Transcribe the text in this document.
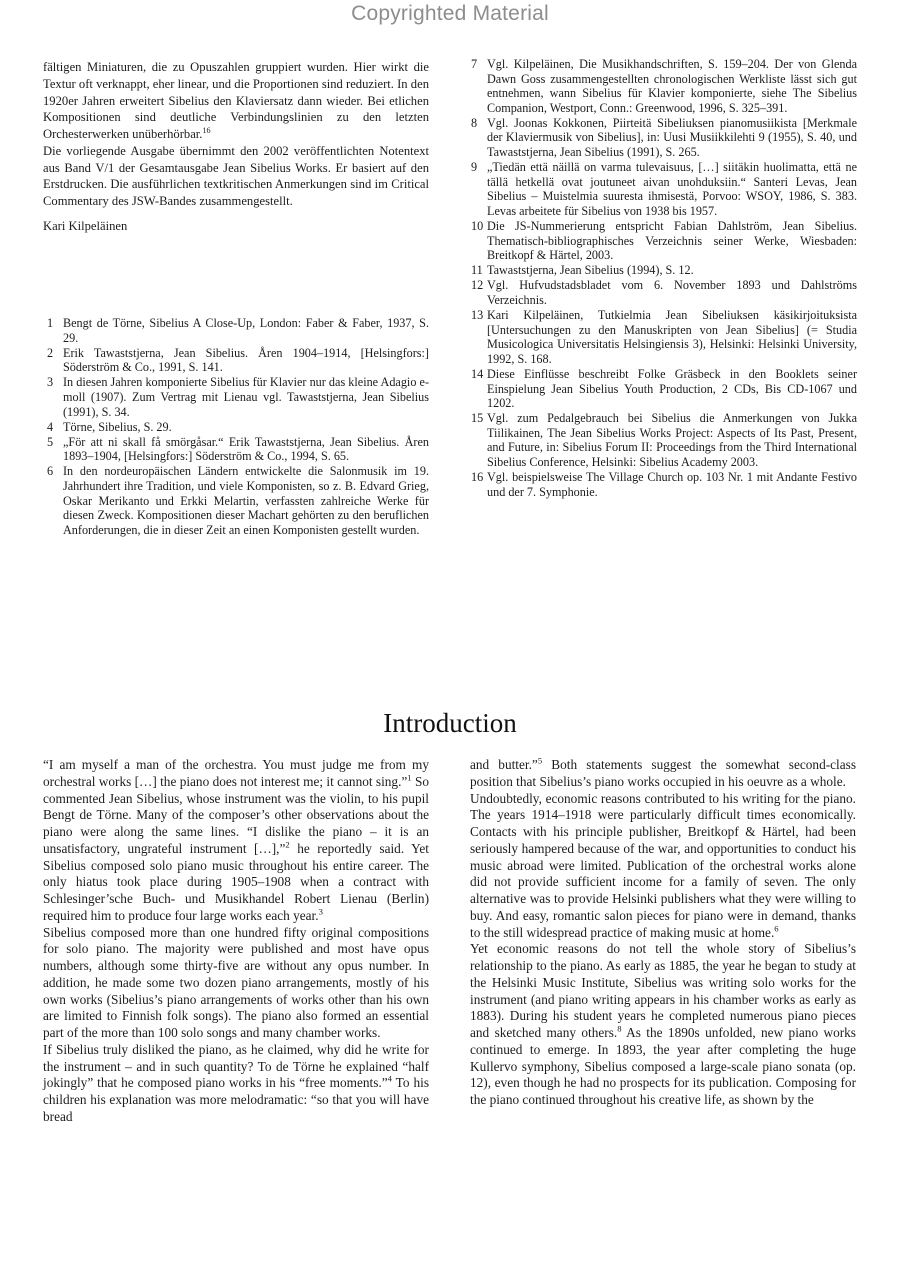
Copyrighted Material

fältigen Miniaturen, die zu Opuszahlen gruppiert wurden. Hier wirkt die Textur oft verknappt, eher linear, und die Proportionen sind reduziert. In den 1920er Jahren erweitert Sibelius den Klaviersatz dann wieder. Bei etlichen Kompositionen sind deutliche Verbindungslinien zu den letzten Orchesterwerken unüberhörbar.$^{16}$

Die vorliegende Ausgabe übernimmt den 2002 veröffentlichten Notentext aus Band V/1 der Gesamtausgabe Jean Sibelius Works. Er basiert auf den Erstdrucken. Die ausführlichen textkritischen Anmerkungen sind im Critical Commentary des JSW-Bandes zusammengestellt.

Kari Kilpeläinen

1 Bengt de Törne, Sibelius A Close-Up, London: Faber & Faber, 1937, S. 29.
2 Erik Tawaststjerna, Jean Sibelius. Åren 1904–1914, [Helsingfors:] Söderström & Co., 1991, S. 141.
3 In diesen Jahren komponierte Sibelius für Klavier nur das kleine Adagio e-moll (1907). Zum Vertrag mit Lienau vgl. Tawaststjerna, Jean Sibelius (1991), S. 34.
4 Törne, Sibelius, S. 29.
5 „För att ni skall få smörgåsar.“ Erik Tawaststjerna, Jean Sibelius. Åren 1893–1904, [Helsingfors:] Söderström & Co., 1994, S. 65.
6 In den nordeuropäischen Ländern entwickelte die Salonmusik im 19. Jahrhundert ihre Tradition, und viele Komponisten, so z. B. Edvard Grieg, Oskar Merikanto und Erkki Melartin, verfassten zahlreiche Werke für diesen Zweck. Kompositionen dieser Machart gehörten zu den beruflichen Anforderungen, die in dieser Zeit an einen Komponisten gestellt wurden.
7 Vgl. Kilpeläinen, Die Musikhandschriften, S. 159–204. Der von Glenda Dawn Goss zusammengestellten chronologischen Werkliste lässt sich gut entnehmen, wann Sibelius für Klavier komponierte, siehe The Sibelius Companion, Westport, Conn.: Greenwood, 1996, S. 325–391.
8 Vgl. Joonas Kokkonen, Piirteitä Sibeliuksen pianomusiikista [Merkmale der Klaviermusik von Sibelius], in: Uusi Musiikkilehti 9 (1955), S. 40, und Tawaststjerna, Jean Sibelius (1991), S. 265.
9 „Tiedän että näillä on varma tulevaisuus, […] siitäkin huolimatta, että ne tällä hetkellä ovat joutuneet aivan unohduksiin.“ Santeri Levas, Jean Sibelius – Muistelmia suuresta ihmisestä, Porvoo: WSOY, 1986, S. 383. Levas arbeitete für Sibelius von 1938 bis 1957.
10 Die JS-Nummerierung entspricht Fabian Dahlström, Jean Sibelius. Thematisch-bibliographisches Verzeichnis seiner Werke, Wiesbaden: Breitkopf & Härtel, 2003.
11 Tawaststjerna, Jean Sibelius (1994), S. 12.
12 Vgl. Hufvudstadsbladet vom 6. November 1893 und Dahlströms Verzeichnis.
13 Kari Kilpeläinen, Tutkielmia Jean Sibeliuksen käsikirjoituksista [Untersuchungen zu den Manuskripten von Jean Sibelius] (= Studia Musicologica Universitatis Helsingiensis 3), Helsinki: Helsinki University, 1992, S. 168.
14 Diese Einflüsse beschreibt Folke Gräsbeck in den Booklets seiner Einspielung Jean Sibelius Youth Production, 2 CDs, Bis CD-1067 und 1202.
15 Vgl. zum Pedalgebrauch bei Sibelius die Anmerkungen von Jukka Tiilikainen, The Jean Sibelius Works Project: Aspects of Its Past, Present, and Future, in: Sibelius Forum II: Proceedings from the Third International Sibelius Conference, Helsinki: Sibelius Academy 2003.
16 Vgl. beispielsweise The Village Church op. 103 Nr. 1 mit Andante Festivo und der 7. Symphonie.
Introduction

“I am myself a man of the orchestra. You must judge me from my orchestral works […] the piano does not interest me; it cannot sing.”$^1$ So commented Jean Sibelius, whose instrument was the violin, to his pupil Bengt de Törne. Many of the composer’s other observations about the piano were along the same lines. “I dislike the piano – it is an unsatisfactory, ungrateful instrument […],”$^2$ he reportedly said. Yet Sibelius composed solo piano music throughout his entire career. The only hiatus took place during 1905–1908 when a contract with Schlesinger’sche Buch- und Musikhandel Robert Lienau (Berlin) required him to produce four large works each year.$^3$

Sibelius composed more than one hundred fifty original compositions for solo piano. The majority were published and most have opus numbers, although some thirty-five are without any opus number. In addition, he made some two dozen piano arrangements, mostly of his own works (Sibelius’s piano arrangements of works other than his own are limited to Finnish folk songs). The piano also formed an essential part of the more than 100 solo songs and many chamber works.

If Sibelius truly disliked the piano, as he claimed, why did he write for the instrument – and in such quantity? To de Törne he explained “half jokingly” that he composed piano works in his “free moments.”$^4$ To his children his explanation was more melodramatic: “so that you will have bread

and butter.”$^5$ Both statements suggest the somewhat second-class position that Sibelius’s piano works occupied in his oeuvre as a whole.

Undoubtedly, economic reasons contributed to his writing for the piano. The years 1914–1918 were particularly difficult times economically. Contacts with his principle publisher, Breitkopf & Härtel, had been seriously hampered because of the war, and opportunities to conduct his music abroad were limited. Publication of the orchestral works alone did not provide sufficient income for a family of seven. The only alternative was to provide Helsinki publishers what they were willing to buy. And easy, romantic salon pieces for piano were in demand, thanks to the still widespread practice of making music at home.$^6$

Yet economic reasons do not tell the whole story of Sibelius’s relationship to the piano. As early as 1885, the year he began to study at the Helsinki Music Institute, Sibelius was writing solo works for the instrument (and piano writing appears in his chamber works as early as 1883). During his student years he completed numerous piano pieces and sketched many others.$^8$ As the 1890s unfolded, new piano works continued to emerge. In 1893, the year after completing the huge Kullervo symphony, Sibelius composed a large-scale piano sonata (op. 12), even though he had no prospects for its publication. Composing for the piano continued throughout his creative life, as shown by the
